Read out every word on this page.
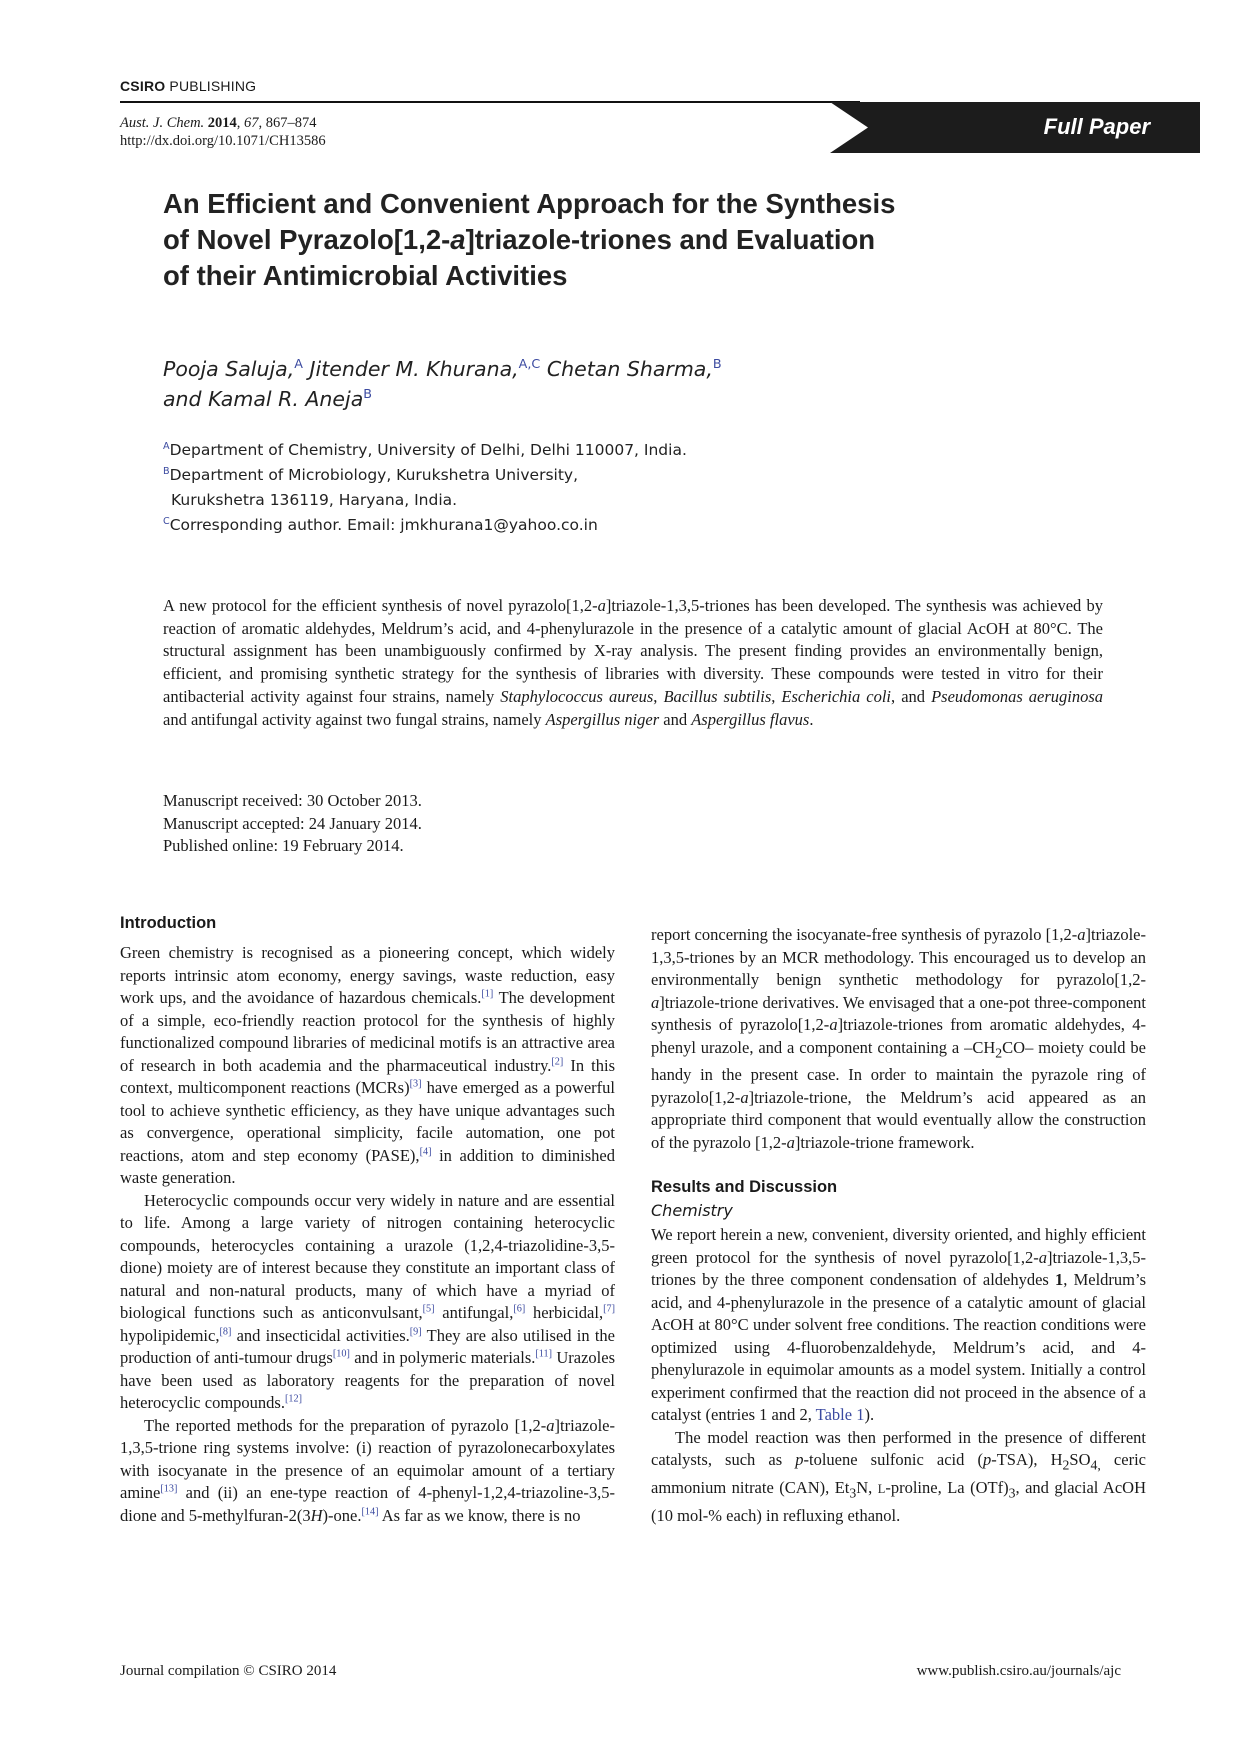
CSIRO PUBLISHING
Aust. J. Chem. 2014, 67, 867–874
http://dx.doi.org/10.1071/CH13586
Full Paper
An Efficient and Convenient Approach for the Synthesis
of Novel Pyrazolo[1,2-a]triazole-triones and Evaluation
of their Antimicrobial Activities
Pooja Saluja,$^A$ Jitender M. Khurana,$^{A,C}$ Chetan Sharma,$^B$
and Kamal R. Aneja$^B$
$^A$Department of Chemistry, University of Delhi, Delhi 110007, India.
$^B$Department of Microbiology, Kurukshetra University,
Kurukshetra 136119, Haryana, India.
$^C$Corresponding author. Email: jmkhurana1@yahoo.co.in
A new protocol for the efficient synthesis of novel pyrazolo[1,2-a]triazole-1,3,5-triones has been developed. The synthesis was achieved by reaction of aromatic aldehydes, Meldrum’s acid, and 4-phenylurazole in the presence of a catalytic amount of glacial AcOH at 80°C. The structural assignment has been unambiguously confirmed by X-ray analysis. The present finding provides an environmentally benign, efficient, and promising synthetic strategy for the synthesis of libraries with diversity. These compounds were tested in vitro for their antibacterial activity against four strains, namely Staphylococcus aureus, Bacillus subtilis, Escherichia coli, and Pseudomonas aeruginosa and antifungal activity against two fungal strains, namely Aspergillus niger and Aspergillus flavus.
Manuscript received: 30 October 2013.
Manuscript accepted: 24 January 2014.
Published online: 19 February 2014.
Introduction

Green chemistry is recognised as a pioneering concept, which widely reports intrinsic atom economy, energy savings, waste reduction, easy work ups, and the avoidance of hazardous chemicals.[1] The development of a simple, eco-friendly reaction protocol for the synthesis of highly functionalized compound libraries of medicinal motifs is an attractive area of research in both academia and the pharmaceutical industry.[2] In this context, multicomponent reactions (MCRs)[3] have emerged as a powerful tool to achieve synthetic efficiency, as they have unique advantages such as convergence, operational simplicity, facile automation, one pot reactions, atom and step economy (PASE),[4] in addition to diminished waste generation.

Heterocyclic compounds occur very widely in nature and are essential to life. Among a large variety of nitrogen containing heterocyclic compounds, heterocycles containing a urazole (1,2,4-triazolidine-3,5-dione) moiety are of interest because they constitute an important class of natural and non-natural products, many of which have a myriad of biological functions such as anticonvulsant,[5] antifungal,[6] herbicidal,[7] hypolipidemic,[8] and insecticidal activities.[9] They are also utilised in the production of anti-tumour drugs[10] and in polymeric materials.[11] Urazoles have been used as laboratory reagents for the preparation of novel heterocyclic compounds.[12]

The reported methods for the preparation of pyrazolo [1,2-a]triazole-1,3,5-trione ring systems involve: (i) reaction of pyrazolonecarboxylates with isocyanate in the presence of an equimolar amount of a tertiary amine[13] and (ii) an ene-type reaction of 4-phenyl-1,2,4-triazoline-3,5-dione and 5-methylfuran-2(3H)-one.[14] As far as we know, there is no

report concerning the isocyanate-free synthesis of pyrazolo [1,2-a]triazole-1,3,5-triones by an MCR methodology. This encouraged us to develop an environmentally benign synthetic methodology for pyrazolo[1,2-a]triazole-trione derivatives. We envisaged that a one-pot three-component synthesis of pyrazolo[1,2-a]triazole-triones from aromatic aldehydes, 4-phenyl urazole, and a component containing a $-CH_2CO-$ moiety could be handy in the present case. In order to maintain the pyrazole ring of pyrazolo[1,2-a]triazole-trione, the Meldrum’s acid appeared as an appropriate third component that would eventually allow the construction of the pyrazolo [1,2-a]triazole-trione framework.

Results and Discussion
Chemistry

We report herein a new, convenient, diversity oriented, and highly efficient green protocol for the synthesis of novel pyrazolo[1,2-a]triazole-1,3,5-triones by the three component condensation of aldehydes 1, Meldrum’s acid, and 4-phenylurazole in the presence of a catalytic amount of glacial AcOH at 80°C under solvent free conditions. The reaction conditions were optimized using 4-fluorobenzaldehyde, Meldrum’s acid, and 4-phenylurazole in equimolar amounts as a model system. Initially a control experiment confirmed that the reaction did not proceed in the absence of a catalyst (entries 1 and 2, Table 1).

The model reaction was then performed in the presence of different catalysts, such as p-toluene sulfonic acid (p-TSA), $H_2SO_{4,}$ ceric ammonium nitrate (CAN), $Et_3N$, L-proline, La $(OTf)_3$, and glacial AcOH (10 mol-% each) in refluxing ethanol.

Journal compilation © CSIRO 2014	www.publish.csiro.au/journals/ajc
